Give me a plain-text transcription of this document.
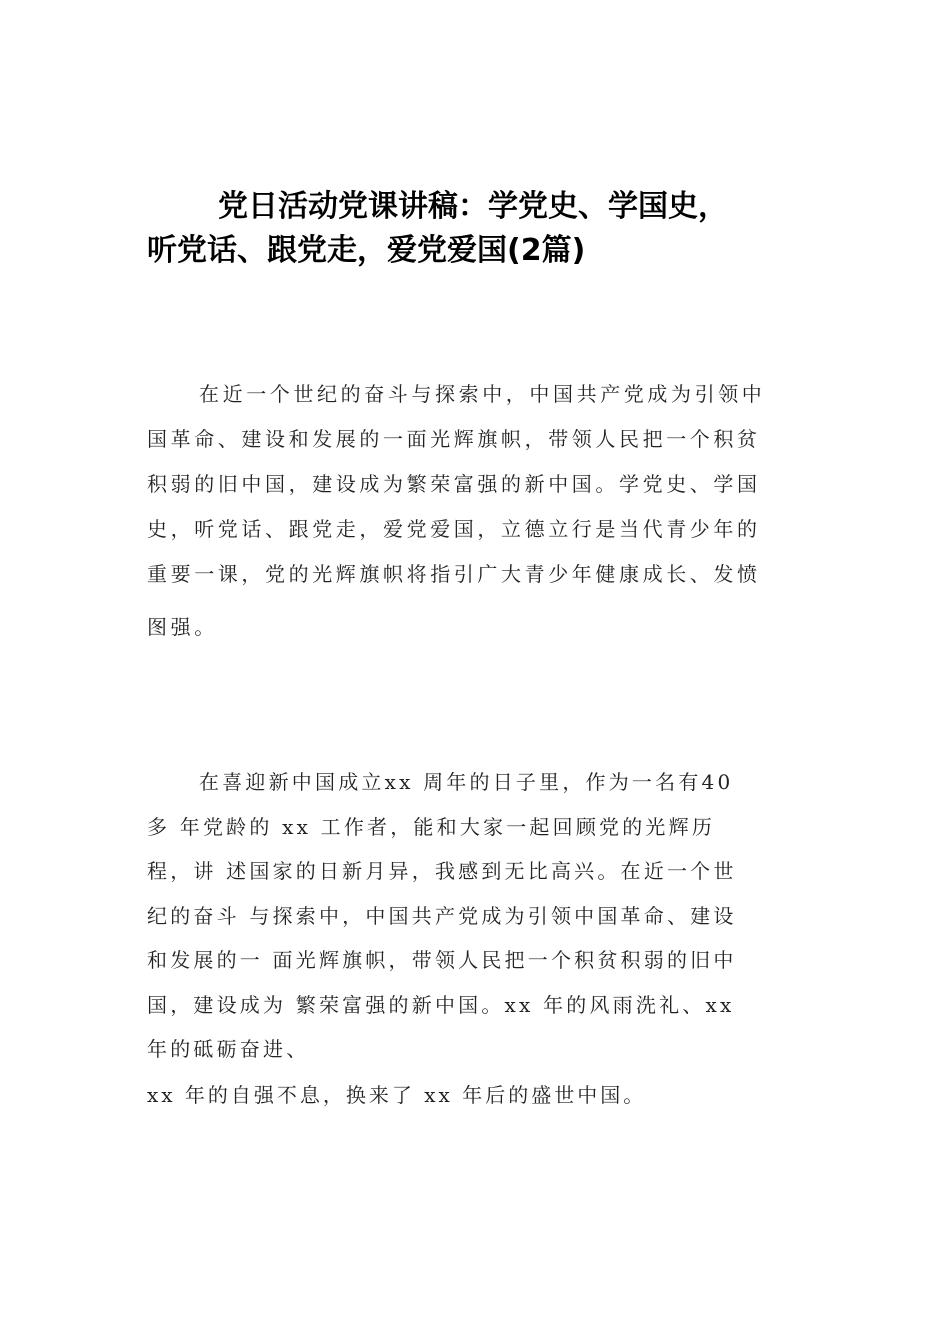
党日活动党课讲稿：学党史、学国史，
听党话、跟党走，爱党爱国(2篇)

在近一个世纪的奋斗与探索中，中国共产党成为引领中
国革命、建设和发展的一面光辉旗帜，带领人民把一个积贫
积弱的旧中国，建设成为繁荣富强的新中国。学党史、学国
史，听党话、跟党走，爱党爱国，立德立行是当代青少年的
重要一课，党的光辉旗帜将指引广大青少年健康成长、发愤
图强。

在喜迎新中国成立xx 周年的日子里，作为一名有40
多 年党龄的 xx 工作者，能和大家一起回顾党的光辉历
程，讲 述国家的日新月异，我感到无比高兴。在近一个世
纪的奋斗 与探索中，中国共产党成为引领中国革命、建设
和发展的一 面光辉旗帜，带领人民把一个积贫积弱的旧中
国，建设成为 繁荣富强的新中国。xx 年的风雨洗礼、xx
年的砥砺奋进、

xx 年的自强不息，换来了 xx 年后的盛世中国。
